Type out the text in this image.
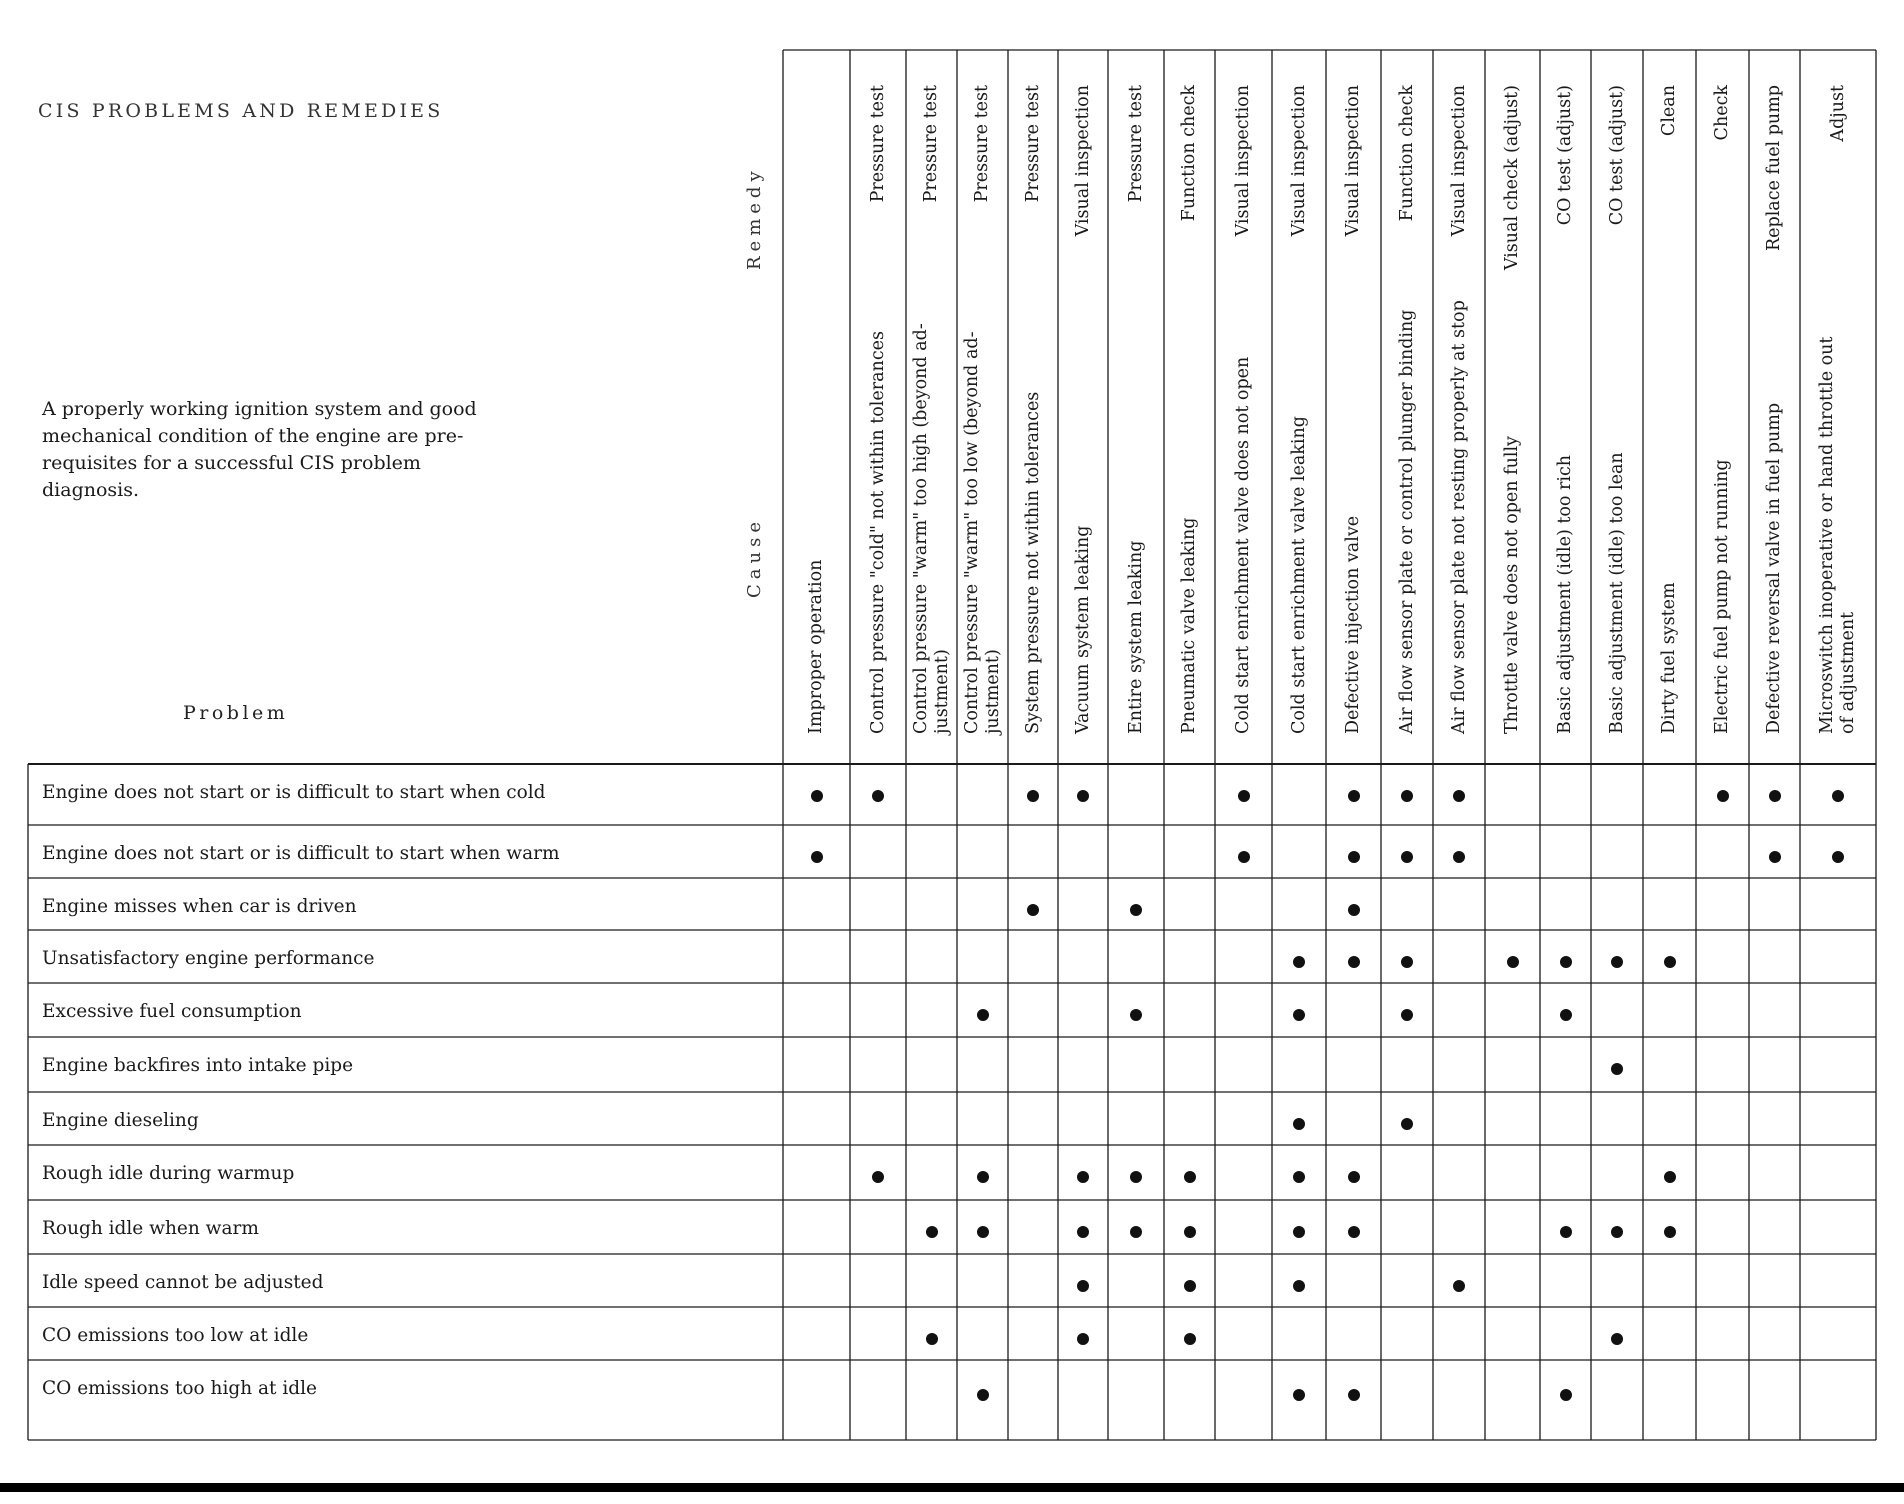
CIS PROBLEMS AND REMEDIES
A properly working ignition system and good mechanical condition of the engine are pre-requisites for a successful CIS problem diagnosis.
Remedy
Cause
Problem	Improper operation Control pressure "cold" not within tolerances
Pressure test
Control pressure "warm" too high (beyond ad-
justment)
Pressure test
Control pressure "warm" too low (beyond ad-
justment)
Pressure test
System pressure not within tolerances
Pressure test
Vacuum system leaking
Visual inspection
Entire system leaking
Pressure test
Pneumatic valve leaking
Function check
Cold start enrichment valve does not open
Visual inspection
Cold start enrichment valve leaking
Visual inspection
Defective injection valve
Visual inspection
Air flow sensor plate or control plunger binding
Function check
Air flow sensor plate not resting properly at stop
Visual inspection
Throttle valve does not open fully
Visual check (adjust)
Basic adjustment (idle) too rich
CO test (adjust)
Basic adjustment (idle) too lean
CO test (adjust)
Dirty fuel system
Clean
Electric fuel pump not running
Check
Defective reversal valve in fuel pump
Replace fuel pump
Microswitch inoperative or hand throttle out
of adjustment
Adjust
Engine does not start or is difficult to start when cold
Engine does not start or is difficult to start when warm
Engine misses when car is driven
Unsatisfactory engine performance
Excessive fuel consumption
Engine backfires into intake pipe
Engine dieseling
Rough idle during warmup
Rough idle when warm
Idle speed cannot be adjusted
CO emissions too low at idle
CO emissions too high at idle
